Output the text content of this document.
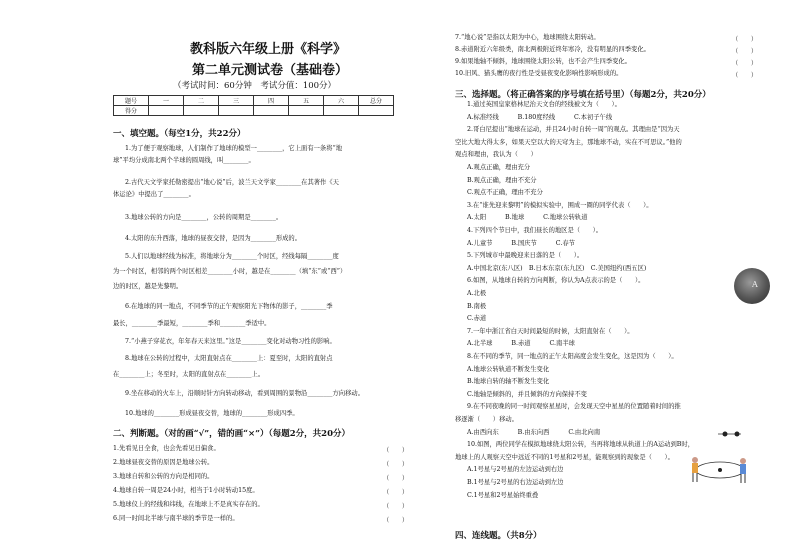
教科版六年级上册《科学》
第二单元测试卷（基础卷）
（考试时间：60分钟　考试分值：100分）
题号	一	二	三	四	五	六	总分
得分							
一、填空题。（每空1分，共22分）
1.为了便于观察地球，人们制作了地球的模型一________，它上面有一条将“地
球”平均分成南北两个半球的圆周线，叫________。
2.古代天文学家托勒密提出“地心说”后，波兰天文学家________在其著作《天
体运论》中提出了________。
3.地球公转的方向是________，公转的周期是________。
4.太阳的东升西落，地球的昼夜交替，是因为________形成的。
5.人们以地球经线为标准，将地球分为________个时区，经线每隔________度
为一个时区，相邻的两个时区相差________小时，越是在________（填“东”或“西”）
边的时区，越是先黎明。
6.在地球的同一地点，不同季节的正午观察阳光下物体的影子，________季
最长，________季最短，________季和________季适中。
7.“小燕子穿花衣，年年春天来这里。”这是________变化对动物习性的影响。
8.地球在公转的过程中，太阳直射点在________上：夏至时，太阳的直射点
在________上；冬至时，太阳的直射点在________上。
9.坐在移动的火车上，沿顺时针方向转动移动，看到周围的景物沿________方向移动。
10.地球的________形成昼夜交替，地球的________形成四季。
二、判断题。（对的画“√”，错的画“×”）（每题2分，共20分）
1.先看见日全食，也会先看见日偏食。	（　　）
2.地球昼夜交替的原因是地球公转。	（　　）
3.地球自转和公转的方向是相同的。	（　　）
4.地球自转一周是24小时，相当于1小时转动15度。	（　　）
5.地球仪上的经线和纬线，在地球上不是真实存在的。	（　　）
6.同一时间北半球与南半球的季节是一样的。	（　　）
7.“地心说”是指以太阳为中心，地球围绕太阳转动。	（　　）
8.赤道附近六年级类，南北两极附近终年寒冷，没有明显的四季变化。	（　　）
9.如果地轴不倾斜，地球围绕太阳公转，也不会产生四季变化。	（　　）
10.旧风、猫头鹰的夜行性是受昼夜变化影响性影响形成的。	（　　）
三、选择题。（将正确答案的序号填在括号里）（每题2分，共20分）
1.通过英国皇家格林尼治天文台的经线被文为（　　）。
A.标准经线　　　B.180度经线　　　C.本初子午线
2.哥白尼提出“地球在运动，并且24小时自转一周”的观点。其理由是“因为天
空比大地大得太多，如果天空以大的天穹为主，那地球不动，实在不可思议。”他的
观点和理由，我认为（　　）
A.观点正确，理由充分
B.观点正确，理由不充分
C.观点不正确，理由不充分
3.在“谁先迎来黎明”的模拟实验中，围成一圈的同学代表（　　）。
A.太阳　　　B.地球　　　C.地球公转轨道
4.下列四个节日中，我们昼长的地区是（　　）。
A.儿童节　　　B.国庆节　　　C.春节
5.下列城市中最晚迎来日落的是（　　）。
A.中国北京(东八区)　B.日本东京(东九区)　C.美国纽约(西五区)
6.如图，从地球自转的方向判断，你认为A点表示的是（　　）。
A.北极
B.南极
C.赤道
7.一年中浙江省白天时间最短的时候，太阳直射在（　　）。
A.北半球　　　B.赤道　　　C.南半球
8.在不同的季节，同一地点的正午太阳高度会发生变化，这是因为（　　）。
A.地球公转轨道不断发生变化
B.地球自转的轴不断发生变化
C.地轴是倾斜的，并且倾斜的方向保持不变
9.在不同夜晚的同一时间观察星星时，会发现天空中星星的位置随着时间的推
移逐渐（　　）移动。
A.由西向东　　　B.由东向西　　　C.由北向南
10.如图，两位同学在模拟地球绕太阳公转，当再将地球从轨道上的A运动到B时，
地球上的人观察天空中远近不同的1号星和2号星，能观察到的现象是（　　）。
A.1号星与2号星的左边运动到右边
B.1号星与2号星的右边运动到左边
C.1号星和2号星始终重叠
四、连线题。（共8分）
A
